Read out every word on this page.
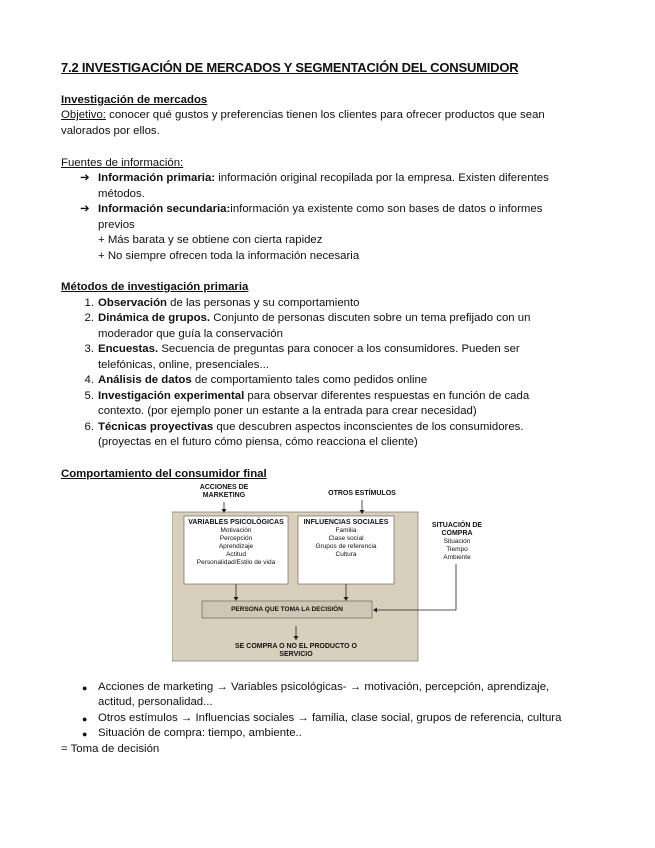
7.2 INVESTIGACIÓN DE MERCADOS Y SEGMENTACIÓN DEL CONSUMIDOR
Investigación de mercados
Objetivo: conocer qué gustos y preferencias tienen los clientes para ofrecer productos que sean
valorados por ellos.
Fuentes de información:
➔ Información primaria: información original recopilada por la empresa. Existen diferentes
métodos.
➔ Información secundaria:información ya existente como son bases de datos o informes
previos
+ Más barata y se obtiene con cierta rapidez
+ No siempre ofrecen toda la información necesaria
Métodos de investigación primaria
1. Observación de las personas y su comportamiento
2. Dinámica de grupos. Conjunto de personas discuten sobre un tema prefijado con un
moderador que guía la conservación
3. Encuestas. Secuencia de preguntas para conocer a los consumidores. Pueden ser
telefónicas, online, presenciales...
4. Análisis de datos de comportamiento tales como pedidos online
5. Investigación experimental para observar diferentes respuestas en función de cada
contexto. (por ejemplo poner un estante a la entrada para crear necesidad)
6. Técnicas proyectivas que descubren aspectos inconscientes de los consumidores.
(proyectas en el futuro cómo piensa, cómo reacciona el cliente)
Comportamiento del consumidor final
ACCIONES DE MARKETING	OTROS ESTÍMULOS
VARIABLES PSICOLÓGICAS
Motivación
Percepción
Aprendizaje
Actitud
Personalidad/Estilo de vida
INFLUENCIAS SOCIALES
Familia
Clase social
Grupos de referencia
Cultura
SITUACIÓN DE COMPRA
Situación
Tiempo
Ambiente
PERSONA QUE TOMA LA DECISIÓN
SE COMPRA O NO EL PRODUCTO O SERVICIO
● Acciones de marketing → Variables psicológicas- → motivación, percepción, aprendizaje,
actitud, personalidad...
● Otros estímulos → Influencias sociales → familia, clase social, grupos de referencia, cultura
● Situación de compra: tiempo, ambiente..
= Toma de decisión
